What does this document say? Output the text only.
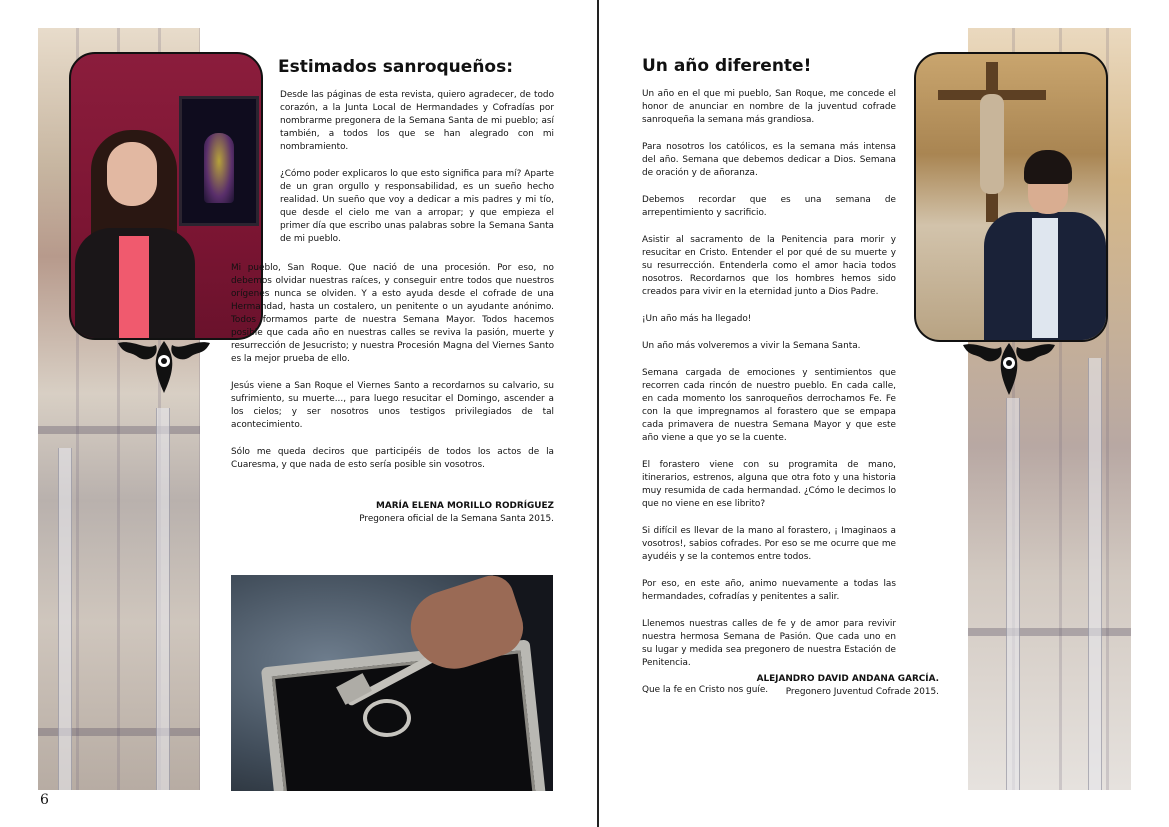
Estimados sanroqueños:

Desde las páginas de esta revista, quiero agradecer, de todo corazón, a la Junta Local de Hermandades y Cofradías por nombrarme pregonera de la Semana Santa de mi pueblo; así también, a todos los que se han alegrado con mi nombramiento.

¿Cómo poder explicaros lo que esto significa para mí? Aparte de un gran orgullo y responsabilidad, es un sueño hecho realidad. Un sueño que voy a dedicar a mis padres y mi tío, que desde el cielo me van a arropar; y que empieza el primer día que escribo unas palabras sobre la Semana Santa de mi pueblo.

Mi pueblo, San Roque. Que nació de una procesión. Por eso, no debemos olvidar nuestras raíces, y conseguir entre todos que nuestros orígenes nunca se olviden. Y a esto ayuda desde el cofrade de una Hermandad, hasta un costalero, un penitente o un ayudante anónimo. Todos formamos parte de nuestra Semana Mayor. Todos hacemos posible que cada año en nuestras calles se reviva la pasión, muerte y resurrección de Jesucristo; y nuestra Procesión Magna del Viernes Santo es la mejor prueba de ello.

Jesús viene a San Roque el Viernes Santo a recordarnos su calvario, su sufrimiento, su muerte..., para luego resucitar el Domingo, ascender a los cielos; y ser nosotros unos testigos privilegiados de tal acontecimiento.

Sólo me queda deciros que participéis de todos los actos de la Cuaresma, y que nada de esto sería posible sin vosotros.

MARÍA ELENA MORILLO RODRÍGUEZ
Pregonera oficial de la Semana Santa 2015.
6
Un año diferente!

Un año en el que mi pueblo, San Roque, me concede el honor de anunciar en nombre de la juventud cofrade sanroqueña la semana más grandiosa.

Para nosotros los católicos, es la semana más intensa del año. Semana que debemos dedicar a Dios. Semana de oración y de añoranza.

Debemos recordar que es una semana de arrepentimiento y sacrificio.

Asistir al sacramento de la Penitencia para morir y resucitar en Cristo. Entender el por qué de su muerte y su resurrección. Entenderla como el amor hacia todos nosotros. Recordarnos que los hombres hemos sido creados para vivir en la eternidad junto a Dios Padre.

¡Un año más ha llegado!

Un año más volveremos a vivir la Semana Santa.

Semana cargada de emociones y sentimientos que recorren cada rincón de nuestro pueblo. En cada calle, en cada momento los sanroqueños derrochamos Fe. Fe con la que impregnamos al forastero que se empapa cada primavera de nuestra Semana Mayor y que este año viene a que yo se la cuente.

El forastero viene con su programita de mano, itinerarios, estrenos, alguna que otra foto y una historia muy resumida de cada hermandad. ¿Cómo le decimos lo que no viene en ese librito?

Si difícil es llevar de la mano al forastero, ¡ Imaginaos a vosotros!, sabios cofrades. Por eso se me ocurre que me ayudéis y se la contemos entre todos.

Por eso, en este año, animo nuevamente a todas las hermandades, cofradías y penitentes a salir.

Llenemos nuestras calles de fe y de amor para revivir nuestra hermosa Semana de Pasión. Que cada uno en su lugar y medida sea pregonero de nuestra Estación de Penitencia.

Que la fe en Cristo nos guíe.

ALEJANDRO DAVID ANDANA GARCÍA.
Pregonero Juventud Cofrade 2015.
